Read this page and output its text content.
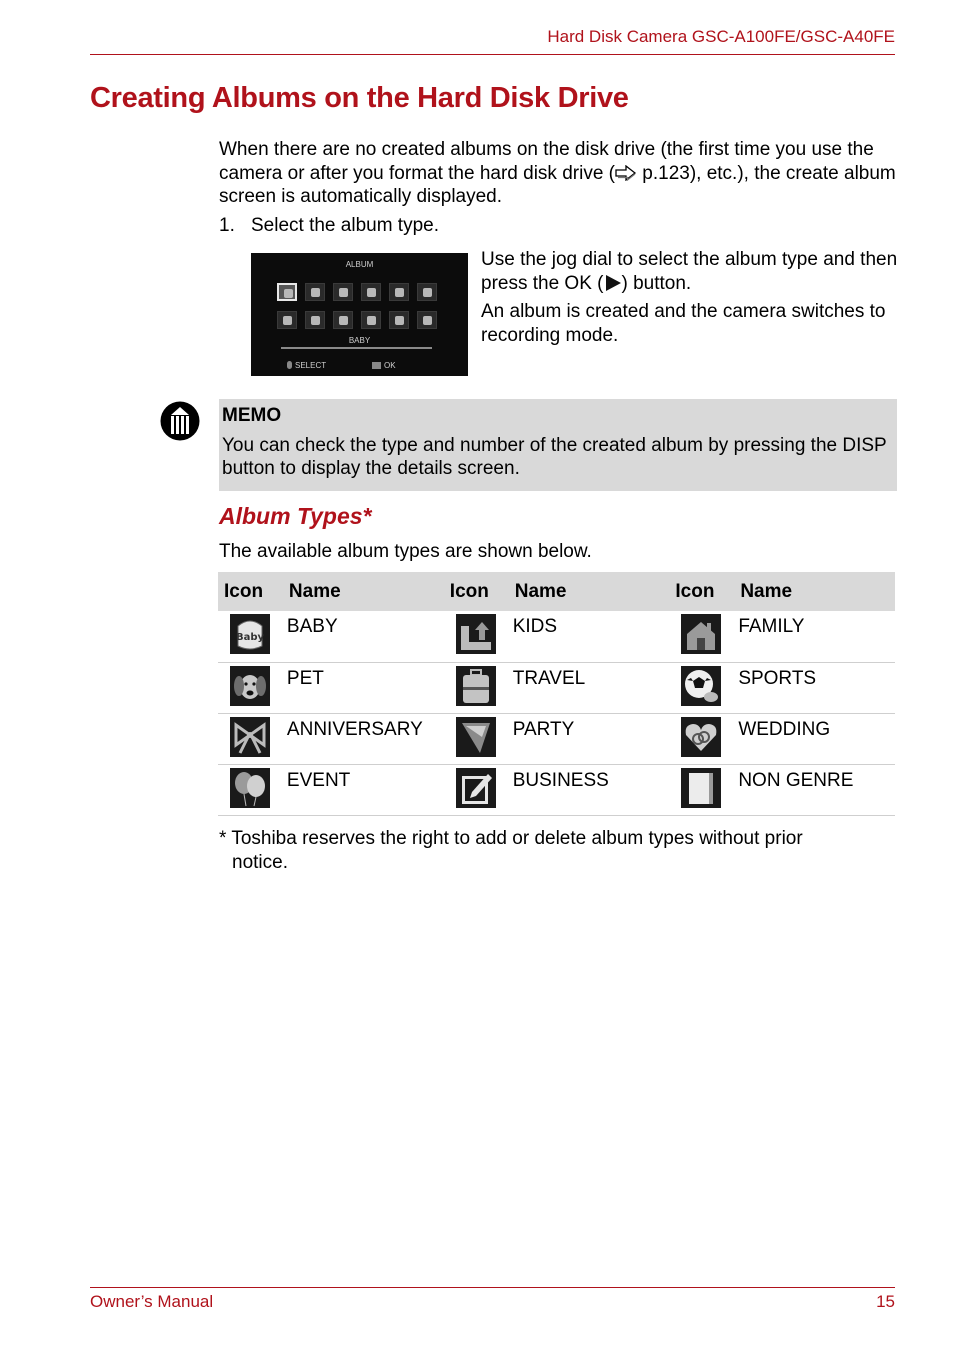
Hard Disk Camera GSC-A100FE/GSC-A40FE
Creating Albums on the Hard Disk Drive

When there are no created albums on the disk drive (the first time you use the camera or after you format the hard disk drive ( p.123), etc.), the create album screen is automatically displayed.

1. Select the album type.

ALBUM
BABY
SELECT	OK

Use the jog dial to select the album type and then press the OK ( ) button.

An album is created and the camera switches to recording mode.

MEMO

You can check the type and number of the created album by pressing the DISP button to display the details screen.

Album Types*

The available album types are shown below.

Icon	Name	Icon	Name	Icon	Name

Baby	BABY		KIDS		FAMILY

	PET		TRAVEL		SPORTS

	ANNIVERSARY		PARTY		WEDDING

	EVENT		BUSINESS		NON GENRE
* Toshiba reserves the right to add or delete album types without prior
notice.
Owner’s Manual	15
